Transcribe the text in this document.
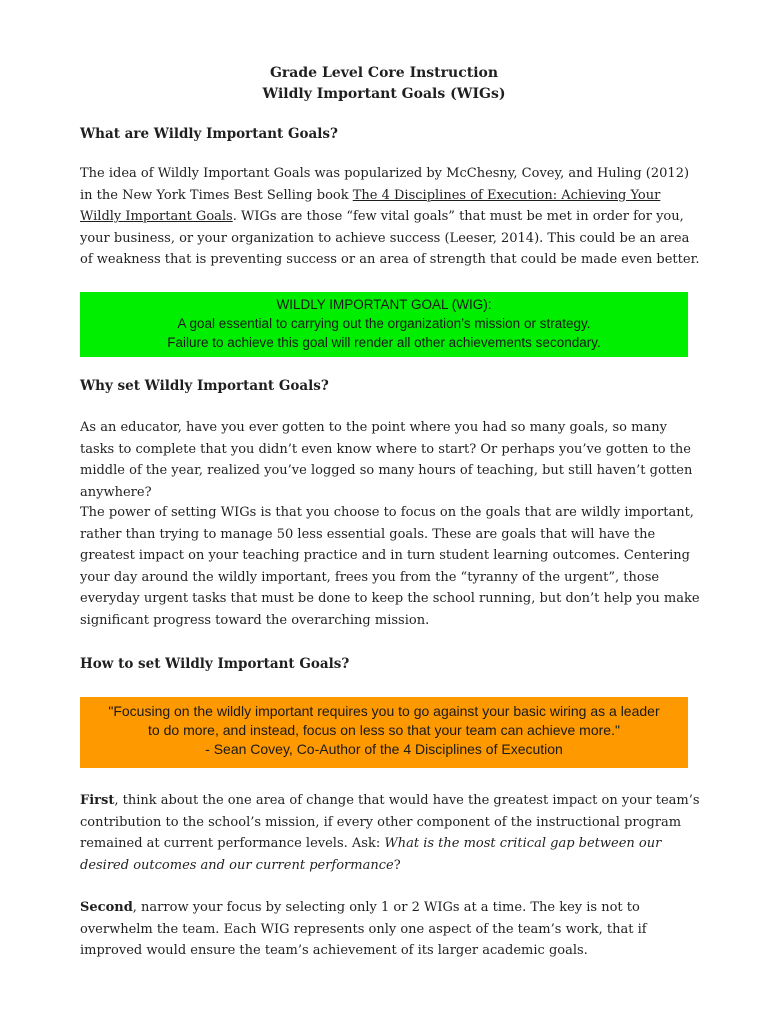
Grade Level Core Instruction
Wildly Important Goals (WIGs)
What are Wildly Important Goals?
The idea of Wildly Important Goals was popularized by McChesny, Covey, and Huling (2012) in the New York Times Best Selling book The 4 Disciplines of Execution: Achieving Your Wildly Important Goals. WIGs are those “few vital goals” that must be met in order for you, your business, or your organization to achieve success (Leeser, 2014). This could be an area of weakness that is preventing success or an area of strength that could be made even better.
WILDLY IMPORTANT GOAL (WIG):
A goal essential to carrying out the organization’s mission or strategy.
Failure to achieve this goal will render all other achievements secondary.
Why set Wildly Important Goals?
As an educator, have you ever gotten to the point where you had so many goals, so many tasks to complete that you didn’t even know where to start? Or perhaps you’ve gotten to the middle of the year, realized you’ve logged so many hours of teaching, but still haven’t gotten anywhere?
The power of setting WIGs is that you choose to focus on the goals that are wildly important, rather than trying to manage 50 less essential goals. These are goals that will have the greatest impact on your teaching practice and in turn student learning outcomes. Centering your day around the wildly important, frees you from the “tyranny of the urgent”, those everyday urgent tasks that must be done to keep the school running, but don’t help you make significant progress toward the overarching mission.
How to set Wildly Important Goals?
"Focusing on the wildly important requires you to go against your basic wiring as a leader
to do more, and instead, focus on less so that your team can achieve more."
- Sean Covey, Co-Author of the 4 Disciplines of Execution
First, think about the one area of change that would have the greatest impact on your team’s contribution to the school’s mission, if every other component of the instructional program remained at current performance levels. Ask: What is the most critical gap between our desired outcomes and our current performance?
Second, narrow your focus by selecting only 1 or 2 WIGs at a time. The key is not to overwhelm the team. Each WIG represents only one aspect of the team’s work, that if improved would ensure the team’s achievement of its larger academic goals.
